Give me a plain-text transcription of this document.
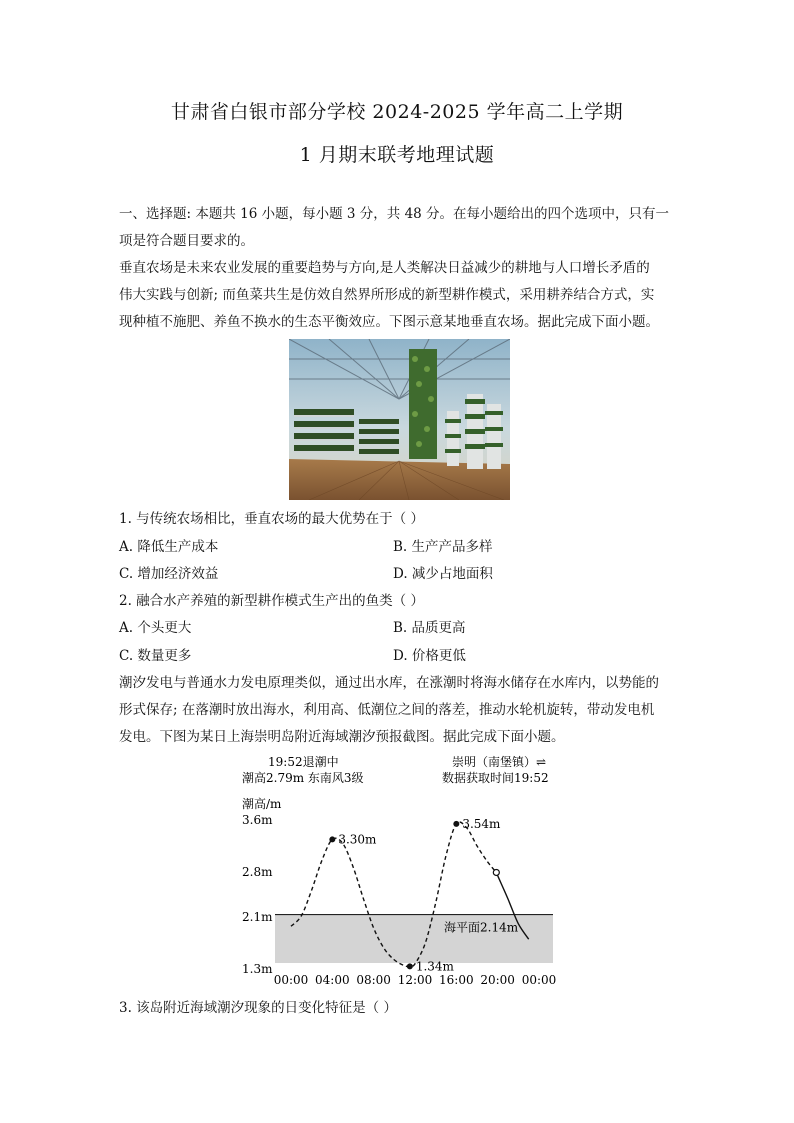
甘肃省白银市部分学校 2024-2025 学年高二上学期
1 月期末联考地理试题
一、选择题: 本题共 16 小题，每小题 3 分，共 48 分。在每小题给出的四个选项中，只有一
项是符合题目要求的。
垂直农场是未来农业发展的重要趋势与方向,是人类解决日益减少的耕地与人口增长矛盾的
伟大实践与创新; 而鱼菜共生是仿效自然界所形成的新型耕作模式，采用耕养结合方式，实
现种植不施肥、养鱼不换水的生态平衡效应。下图示意某地垂直农场。据此完成下面小题。
1. 与传统农场相比，垂直农场的最大优势在于（ ）
A. 降低生产成本	B. 生产产品多样
C. 增加经济效益	D. 减少占地面积
2. 融合水产养殖的新型耕作模式生产出的鱼类（ ）
A. 个头更大	B. 品质更高
C. 数量更多	D. 价格更低
潮汐发电与普通水力发电原理类似，通过出水库，在涨潮时将海水储存在水库内，以势能的
形式保存; 在落潮时放出海水，利用高、低潮位之间的落差，推动水轮机旋转，带动发电机
发电。下图为某日上海崇明岛附近海域潮汐预报截图。据此完成下面小题。
19:52退潮中
潮高2.79m 东南风3级
崇明（南堡镇）⇌
数据获取时间19:52
潮高/m
海平面2.14m
3.6m
2.8m
2.1m
1.3m
00:00 04:00 08:00 12:00 16:00 20:00 00:00
3.30m
1.34m
3.54m
3. 该岛附近海域潮汐现象的日变化特征是（ ）
